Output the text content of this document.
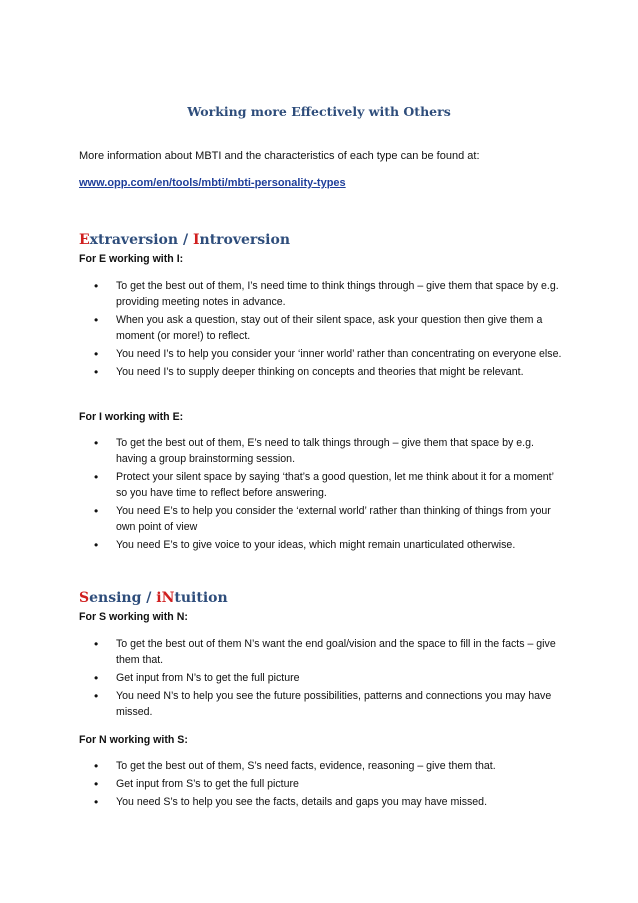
Working more Effectively with Others

More information about MBTI and the characteristics of each type can be found at:

www.opp.com/en/tools/mbti/mbti-personality-types

Extraversion / Introversion

For E working with I:

• To get the best out of them, I’s need time to think things through – give them that space by e.g. providing meeting notes in advance.
• When you ask a question, stay out of their silent space, ask your question then give them a moment (or more!) to reflect.
• You need I’s to help you consider your ‘inner world’ rather than concentrating on everyone else.
• You need I’s to supply deeper thinking on concepts and theories that might be relevant.

For I working with E:

• To get the best out of them, E’s need to talk things through – give them that space by e.g. having a group brainstorming session.
• Protect your silent space by saying ‘that’s a good question, let me think about it for a moment’ so you have time to reflect before answering.
• You need E’s to help you consider the ‘external world’ rather than thinking of things from your own point of view
• You need E’s to give voice to your ideas, which might remain unarticulated otherwise.
Sensing / iNtuition

For S working with N:

• To get the best out of them N’s want the end goal/vision and the space to fill in the facts – give them that.
• Get input from N’s to get the full picture
• You need N’s to help you see the future possibilities, patterns and connections you may have missed.

For N working with S:

• To get the best out of them, S’s need facts, evidence, reasoning – give them that.
• Get input from S’s to get the full picture
• You need S’s to help you see the facts, details and gaps you may have missed.
